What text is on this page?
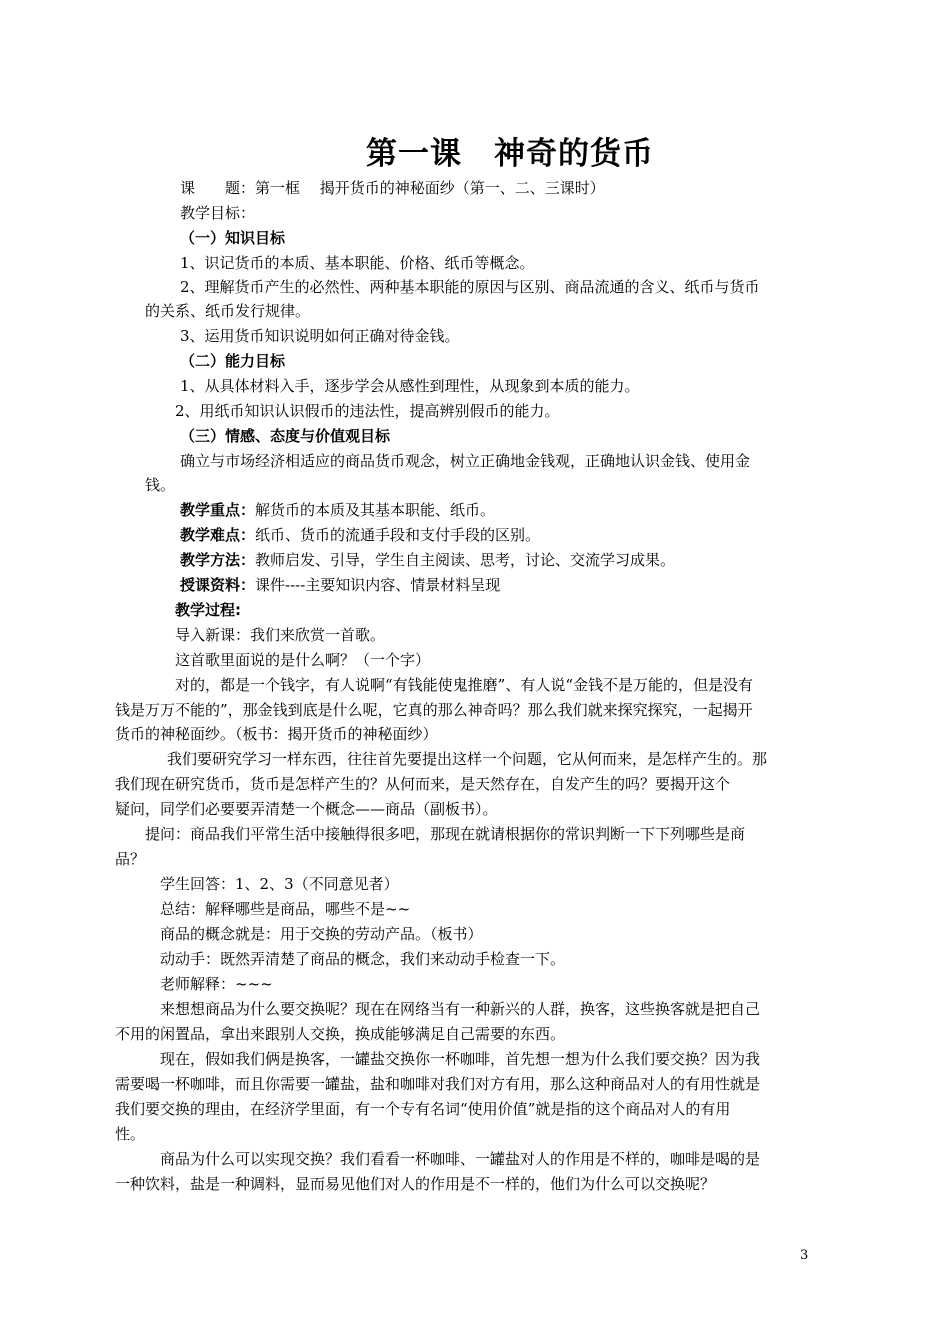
第一课　神奇的货币
课　　题：第一框　 揭开货币的神秘面纱（第一、二、三课时）
教学目标：
（一）知识目标
1、识记货币的本质、基本职能、价格、纸币等概念。
2、理解货币产生的必然性、两种基本职能的原因与区别、商品流通的含义、纸币与货币
的关系、纸币发行规律。
3、运用货币知识说明如何正确对待金钱。
（二）能力目标
1、从具体材料入手，逐步学会从感性到理性，从现象到本质的能力。
2、用纸币知识认识假币的违法性，提高辨别假币的能力。
（三）情感、态度与价值观目标
确立与市场经济相适应的商品货币观念，树立正确地金钱观，正确地认识金钱、使用金
钱。
教学重点：解货币的本质及其基本职能、纸币。
教学难点：纸币、货币的流通手段和支付手段的区别。
教学方法：教师启发、引导，学生自主阅读、思考，讨论、交流学习成果。
授课资料：课件----主要知识内容、情景材料呈现
教学过程:
导入新课：我们来欣赏一首歌。
这首歌里面说的是什么啊？（一个字）
对的，都是一个钱字，有人说啊“有钱能使鬼推磨”、有人说“金钱不是万能的，但是没有
钱是万万不能的”，那金钱到底是什么呢，它真的那么神奇吗？那么我们就来探究探究，一起揭开
货币的神秘面纱。（板书：揭开货币的神秘面纱）
我们要研究学习一样东西，往往首先要提出这样一个问题，它从何而来，是怎样产生的。那
我们现在研究货币，货币是怎样产生的？从何而来，是天然存在，自发产生的吗？要揭开这个
疑问，同学们必要要弄清楚一个概念——商品（副板书）。
提问：商品我们平常生活中接触得很多吧，那现在就请根据你的常识判断一下下列哪些是商
品？
学生回答：1、2、3（不同意见者）
总结：解释哪些是商品，哪些不是~~
商品的概念就是：用于交换的劳动产品。（板书）
动动手：既然弄清楚了商品的概念，我们来动动手检查一下。
老师解释：~~~
来想想商品为什么要交换呢？现在在网络当有一种新兴的人群，换客，这些换客就是把自己
不用的闲置品，拿出来跟别人交换，换成能够满足自己需要的东西。
现在，假如我们俩是换客，一罐盐交换你一杯咖啡，首先想一想为什么我们要交换？因为我
需要喝一杯咖啡，而且你需要一罐盐，盐和咖啡对我们对方有用，那么这种商品对人的有用性就是
我们要交换的理由，在经济学里面，有一个专有名词“使用价值”就是指的这个商品对人的有用
性。
商品为什么可以实现交换？我们看看一杯咖啡、一罐盐对人的作用是不样的，咖啡是喝的是
一种饮料，盐是一种调料，显而易见他们对人的作用是不一样的，他们为什么可以交换呢？
3
